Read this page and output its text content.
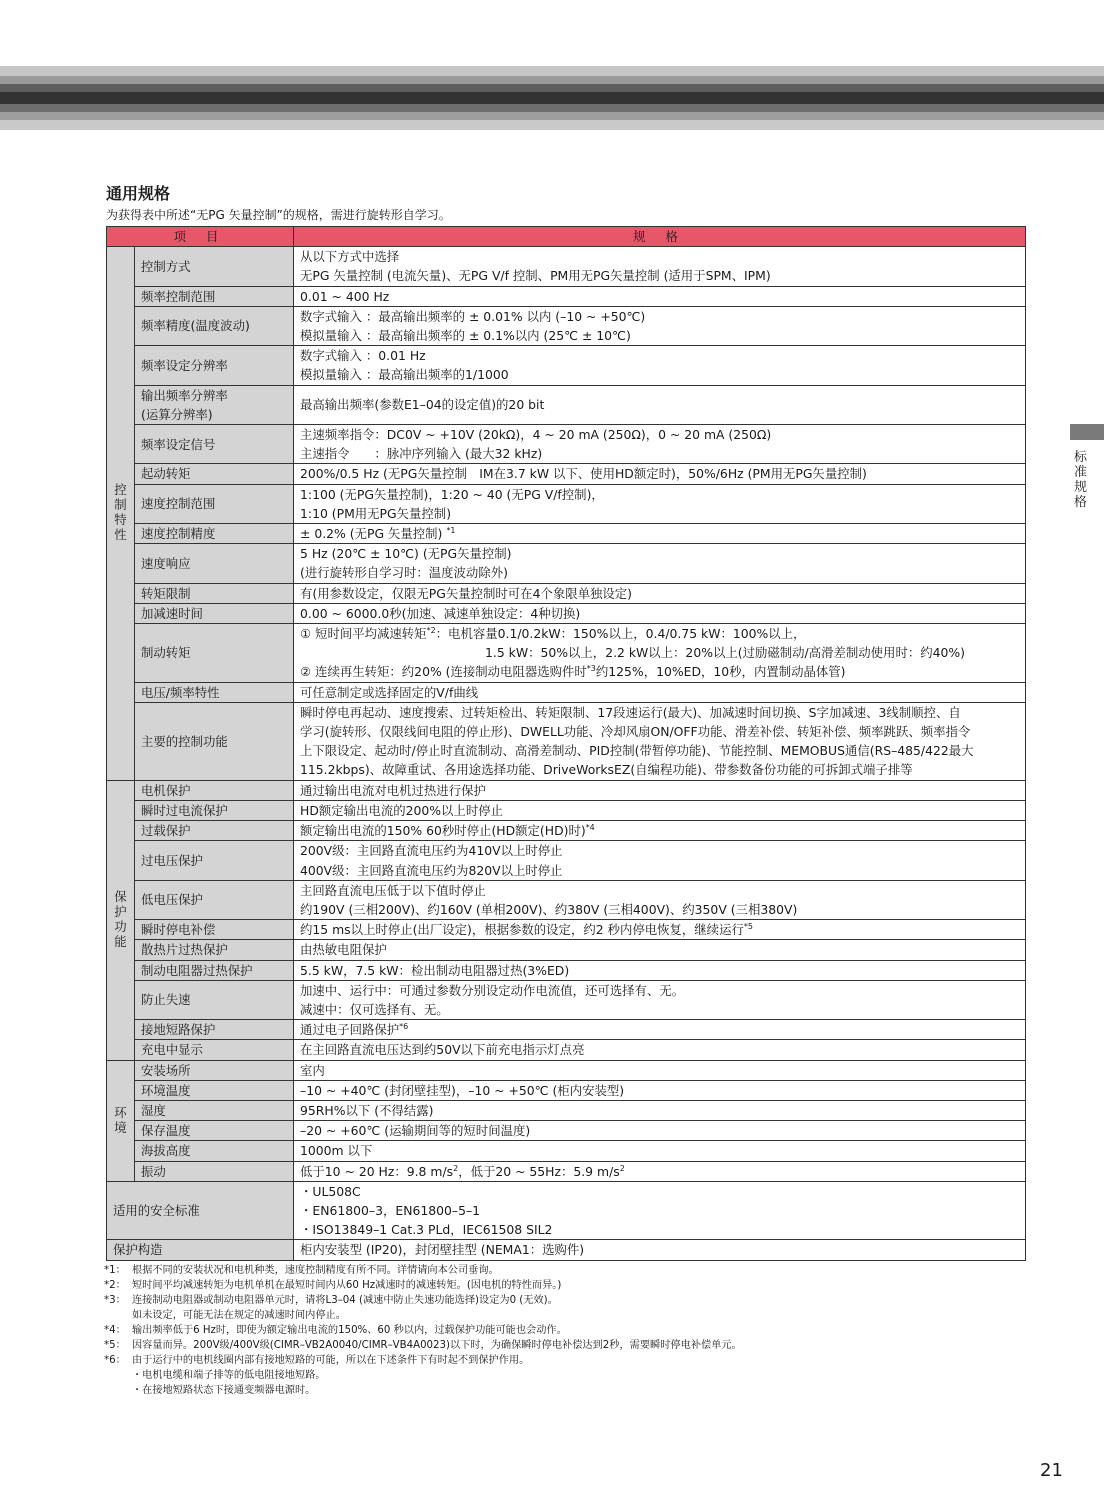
通用规格
为获得表中所述“无PG 矢量控制”的规格，需进行旋转形自学习。
项 目		规 格
控制特性	控制方式	从以下方式中选择
无PG 矢量控制 (电流矢量)、无PG V/f 控制、PM用无PG矢量控制 (适用于SPM、IPM)

	频率控制范围	0.01 ~ 400 Hz

	频率精度(温度波动)	数字式输入 ：最高输出频率的 ± 0.01% 以内 (–10 ~ +50℃)
模拟量输入 ：最高输出频率的 ± 0.1%以内 (25℃ ± 10℃)

	频率设定分辨率	数字式输入 ：0.01 Hz
模拟量输入 ：最高输出频率的1/1000

	输出频率分辨率
(运算分辨率)	最高输出频率(参数E1–04的设定值)的20 bit

	频率设定信号	主速频率指令：DC0V ~ +10V (20kΩ)，4 ~ 20 mA (250Ω)，0 ~ 20 mA (250Ω)
主速指令　　：脉冲序列输入 (最大32 kHz)

	起动转矩	200%/0.5 Hz (无PG矢量控制　IM在3.7 kW 以下、使用HD额定时)，50%/6Hz (PM用无PG矢量控制)

	速度控制范围	1:100 (无PG矢量控制)，1:20 ~ 40 (无PG V/f控制)，
1:10 (PM用无PG矢量控制)

	速度控制精度	± 0.2% (无PG 矢量控制) $^{*1}$

	速度响应	5 Hz (20℃ ± 10℃) (无PG矢量控制)
(进行旋转形自学习时：温度波动除外)

	转矩限制	有(用参数设定，仅限无PG矢量控制时可在4个象限单独设定)

	加减速时间	0.00 ~ 6000.0秒(加速、减速单独设定：4种切换)

	制动转矩	① 短时间平均减速转矩$^{*2}$：电机容量0.1/0.2kW：150%以上，0.4/0.75 kW：100%以上，
1.5 kW：50%以上，2.2 kW以上：20%以上(过励磁制动/高滑差制动使用时：约40%)
② 连续再生转矩：约20% (连接制动电阻器选购件时$^{*3}$约125%，10%ED，10秒，内置制动晶体管)

	电压/频率特性	可任意制定或选择固定的V/f曲线

	主要的控制功能	瞬时停电再起动、速度搜索、过转矩检出、转矩限制、17段速运行(最大)、加减速时间切换、S字加减速、3线制顺控、自
学习(旋转形、仅限线间电阻的停止形)、DWELL功能、冷却风扇ON/OFF功能、滑差补偿、转矩补偿、频率跳跃、频率指令
上下限设定、起动时/停止时直流制动、高滑差制动、PID控制(带暂停功能)、节能控制、MEMOBUS通信(RS–485/422最大
115.2kbps)、故障重试、各用途选择功能、DriveWorksEZ(自编程功能)、带参数备份功能的可拆卸式端子排等

保护功能	电机保护	通过输出电流对电机过热进行保护

	瞬时过电流保护	HD额定输出电流的200%以上时停止

	过载保护	额定输出电流的150% 60秒时停止(HD额定(HD)时)$^{*4}$

	过电压保护	200V级：主回路直流电压约为410V以上时停止
400V级：主回路直流电压约为820V以上时停止

	低电压保护	主回路直流电压低于以下值时停止
约190V (三相200V)、约160V (单相200V)、约380V (三相400V)、约350V (三相380V)

	瞬时停电补偿	约15 ms以上时停止(出厂设定)，根据参数的设定，约2 秒内停电恢复，继续运行$^{*5}$

	散热片过热保护	由热敏电阻保护

	制动电阻器过热保护	5.5 kW，7.5 kW：检出制动电阻器过热(3%ED)

	防止失速	加速中、运行中：可通过参数分别设定动作电流值，还可选择有、无。
减速中：仅可选择有、无。

	接地短路保护	通过电子回路保护$^{*6}$

	充电中显示	在主回路直流电压达到约50V以下前充电指示灯点亮

环境	安装场所	室内

	环境温度	–10 ~ +40℃ (封闭壁挂型)，–10 ~ +50℃ (柜内安装型)

	湿度	95RH%以下 (不得结露)

	保存温度	–20 ~ +60℃ (运输期间等的短时间温度)

	海拔高度	1000m 以下

	振动	低于10 ~ 20 Hz：9.8 $m/s^2$，低于20 ~ 55Hz：5.9 $m/s^2$

适用的安全标准		・UL508C
・EN61800–3，EN61800–5–1
・ISO13849–1 Cat.3 PLd，IEC61508 SIL2

保护构造		柜内安装型 (IP20)，封闭壁挂型 (NEMA1：选购件)
标准规格
*1： 根据不同的安装状况和电机种类，速度控制精度有所不同。详情请向本公司垂询。
*2： 短时间平均减速转矩为电机单机在最短时间内从60 Hz减速时的减速转矩。(因电机的特性而异。)
*3： 连接制动电阻器或制动电阻器单元时，请将L3–04 (减速中防止失速功能选择)设定为0 (无效)。
如未设定，可能无法在规定的减速时间内停止。
*4： 输出频率低于6 Hz时，即使为额定输出电流的150%、60 秒以内，过载保护功能可能也会动作。
*5： 因容量而异。200V级/400V级(CIMR–VB2A0040/CIMR–VB4A0023)以下时，为确保瞬时停电补偿达到2秒，需要瞬时停电补偿单元。
*6： 由于运行中的电机线圈内部有接地短路的可能，所以在下述条件下有时起不到保护作用。
・电机电缆和端子排等的低电阻接地短路。
・在接地短路状态下接通变频器电源时。
21
